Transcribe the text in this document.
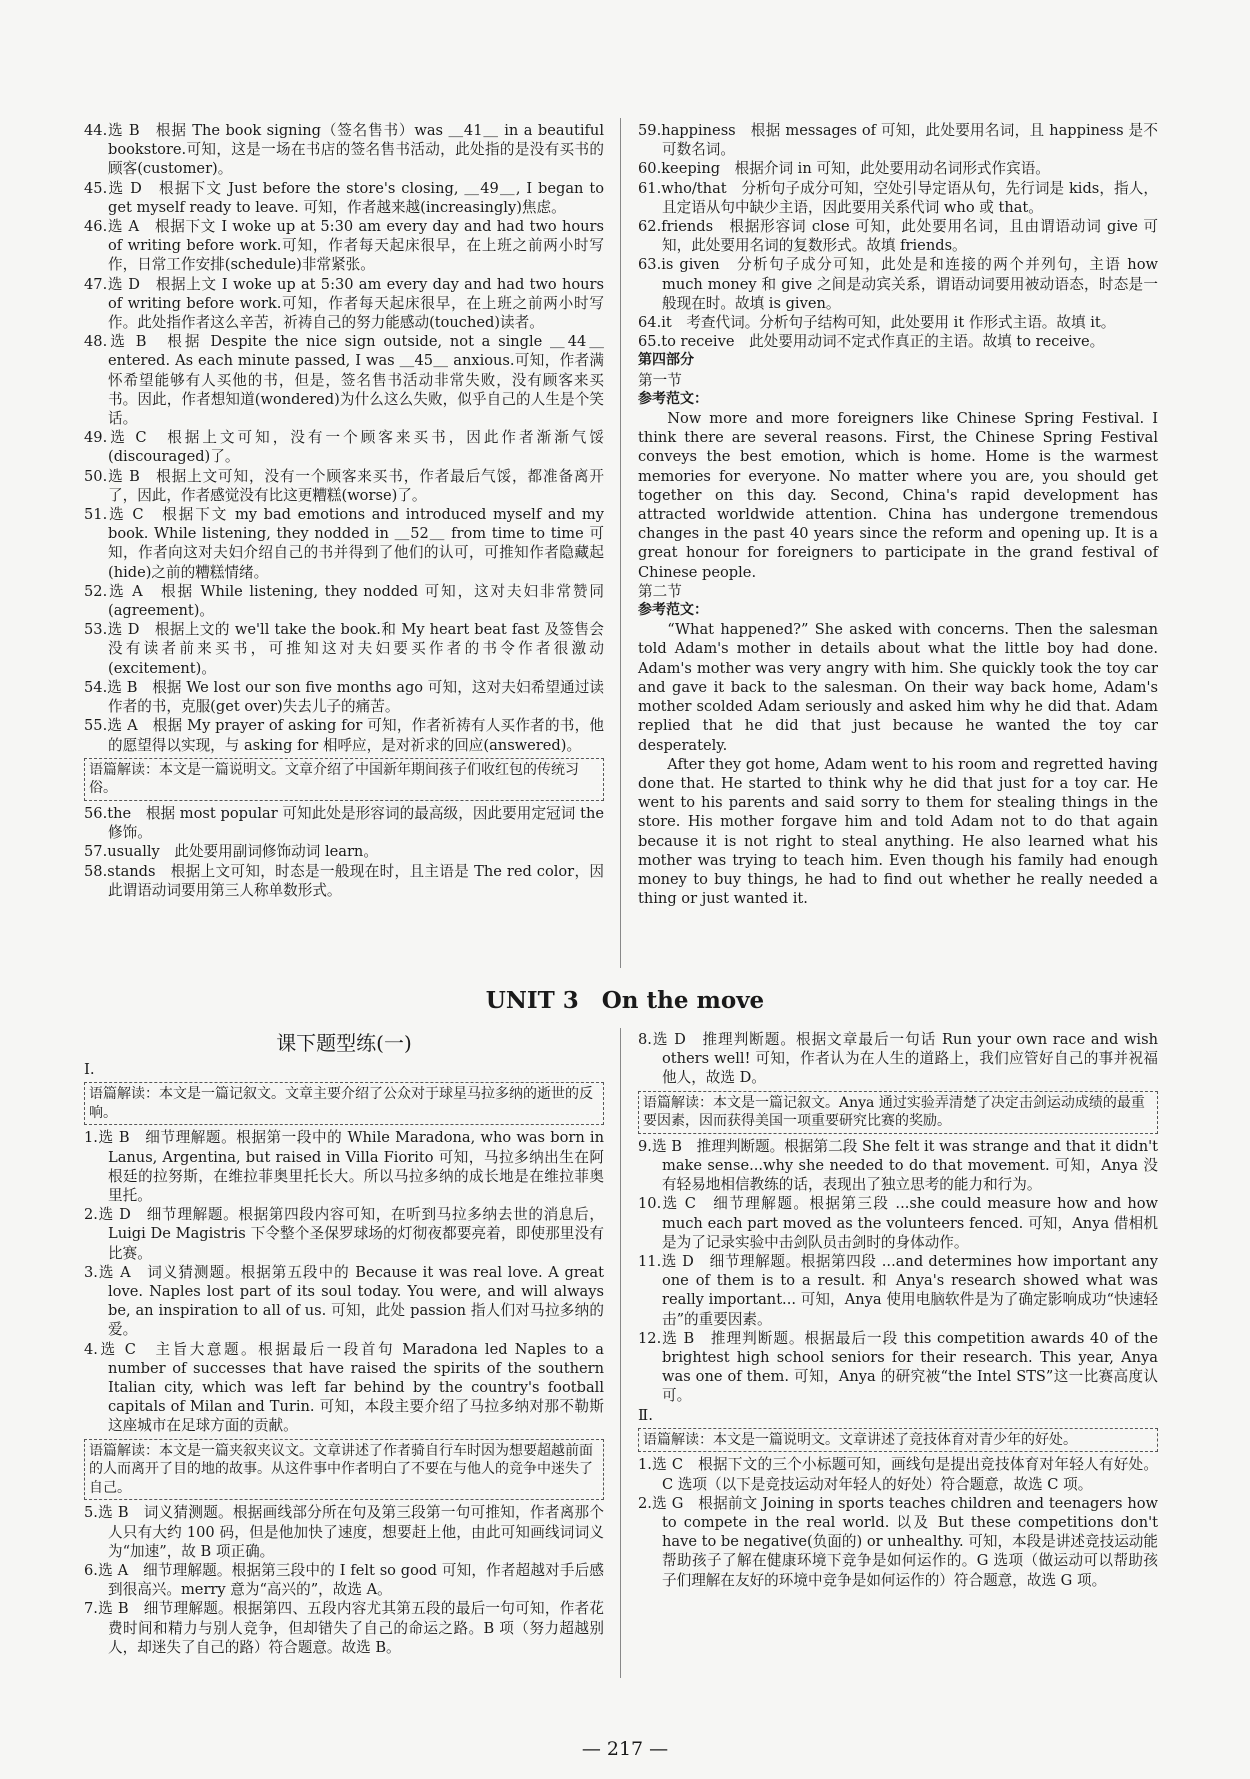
44.选 B　根据 The book signing（签名售书）was ＿41＿ in a beautiful bookstore.可知，这是一场在书店的签名售书活动，此处指的是没有买书的顾客(customer)。

45.选 D　根据下文 Just before the store's closing, ＿49＿, I began to get myself ready to leave. 可知，作者越来越(increasingly)焦虑。

46.选 A　根据下文 I woke up at 5:30 am every day and had two hours of writing before work.可知，作者每天起床很早，在上班之前两小时写作，日常工作安排(schedule)非常紧张。

47.选 D　根据上文 I woke up at 5:30 am every day and had two hours of writing before work.可知，作者每天起床很早，在上班之前两小时写作。此处指作者这么辛苦，祈祷自己的努力能感动(touched)读者。

48.选 B　根据 Despite the nice sign outside, not a single ＿44＿ entered. As each minute passed, I was ＿45＿ anxious.可知，作者满怀希望能够有人买他的书，但是，签名售书活动非常失败，没有顾客来买书。因此，作者想知道(wondered)为什么这么失败，似乎自己的人生是个笑话。

49.选 C　根据上文可知，没有一个顾客来买书，因此作者渐渐气馁(discouraged)了。

50.选 B　根据上文可知，没有一个顾客来买书，作者最后气馁，都准备离开了，因此，作者感觉没有比这更糟糕(worse)了。

51.选 C　根据下文 my bad emotions and introduced myself and my book. While listening, they nodded in ＿52＿ from time to time 可知，作者向这对夫妇介绍自己的书并得到了他们的认可，可推知作者隐藏起(hide)之前的糟糕情绪。

52.选 A　根据 While listening, they nodded 可知，这对夫妇非常赞同(agreement)。

53.选 D　根据上文的 we'll take the book.和 My heart beat fast 及签售会没有读者前来买书，可推知这对夫妇要买作者的书令作者很激动(excitement)。

54.选 B　根据 We lost our son five months ago 可知，这对夫妇希望通过读作者的书，克服(get over)失去儿子的痛苦。

55.选 A　根据 My prayer of asking for 可知，作者祈祷有人买作者的书，他的愿望得以实现，与 asking for 相呼应，是对祈求的回应(answered)。

语篇解读：本文是一篇说明文。文章介绍了中国新年期间孩子们收红包的传统习俗。

56.the　根据 most popular 可知此处是形容词的最高级，因此要用定冠词 the 修饰。

57.usually　此处要用副词修饰动词 learn。

58.stands　根据上文可知，时态是一般现在时，且主语是 The red color，因此谓语动词要用第三人称单数形式。

59.happiness　根据 messages of 可知，此处要用名词，且 happiness 是不可数名词。

60.keeping　根据介词 in 可知，此处要用动名词形式作宾语。

61.who/that　分析句子成分可知，空处引导定语从句，先行词是 kids，指人，且定语从句中缺少主语，因此要用关系代词 who 或 that。

62.friends　根据形容词 close 可知，此处要用名词，且由谓语动词 give 可知，此处要用名词的复数形式。故填 friends。

63.is given　分析句子成分可知，此处是和连接的两个并列句，主语 how much money 和 give 之间是动宾关系，谓语动词要用被动语态，时态是一般现在时。故填 is given。

64.it　考查代词。分析句子结构可知，此处要用 it 作形式主语。故填 it。

65.to receive　此处要用动词不定式作真正的主语。故填 to receive。

第四部分

第一节

参考范文：

Now more and more foreigners like Chinese Spring Festival. I think there are several reasons. First, the Chinese Spring Festival conveys the best emotion, which is home. Home is the warmest memories for everyone. No matter where you are, you should get together on this day. Second, China's rapid development has attracted worldwide attention. China has undergone tremendous changes in the past 40 years since the reform and opening up. It is a great honour for foreigners to participate in the grand festival of Chinese people.

第二节

参考范文：

“What happened?” She asked with concerns. Then the salesman told Adam's mother in details about what the little boy had done. Adam's mother was very angry with him. She quickly took the toy car and gave it back to the salesman. On their way back home, Adam's mother scolded Adam seriously and asked him why he did that. Adam replied that he did that just because he wanted the toy car desperately.

After they got home, Adam went to his room and regretted having done that. He started to think why he did that just for a toy car. He went to his parents and said sorry to them for stealing things in the store. His mother forgave him and told Adam not to do that again because it is not right to steal anything. He also learned what his mother was trying to teach him. Even though his family had enough money to buy things, he had to find out whether he really needed a thing or just wanted it.

UNIT 3　On the move
课下题型练(一)

Ⅰ.

语篇解读：本文是一篇记叙文。文章主要介绍了公众对于球星马拉多纳的逝世的反响。

1.选 B　细节理解题。根据第一段中的 While Maradona, who was born in Lanus, Argentina, but raised in Villa Fiorito 可知，马拉多纳出生在阿根廷的拉努斯，在维拉菲奥里托长大。所以马拉多纳的成长地是在维拉菲奥里托。

2.选 D　细节理解题。根据第四段内容可知，在听到马拉多纳去世的消息后，Luigi De Magistris 下令整个圣保罗球场的灯彻夜都要亮着，即使那里没有比赛。

3.选 A　词义猜测题。根据第五段中的 Because it was real love. A great love. Naples lost part of its soul today. You were, and will always be, an inspiration to all of us. 可知，此处 passion 指人们对马拉多纳的爱。

4.选 C　主旨大意题。根据最后一段首句 Maradona led Naples to a number of successes that have raised the spirits of the southern Italian city, which was left far behind by the country's football capitals of Milan and Turin. 可知，本段主要介绍了马拉多纳对那不勒斯这座城市在足球方面的贡献。

语篇解读：本文是一篇夹叙夹议文。文章讲述了作者骑自行车时因为想要超越前面的人而离开了目的地的故事。从这件事中作者明白了不要在与他人的竞争中迷失了自己。

5.选 B　词义猜测题。根据画线部分所在句及第三段第一句可推知，作者离那个人只有大约 100 码，但是他加快了速度，想要赶上他，由此可知画线词词义为“加速”，故 B 项正确。

6.选 A　细节理解题。根据第三段中的 I felt so good 可知，作者超越对手后感到很高兴。merry 意为“高兴的”，故选 A。

7.选 B　细节理解题。根据第四、五段内容尤其第五段的最后一句可知，作者花费时间和精力与别人竞争，但却错失了自己的命运之路。B 项（努力超越别人，却迷失了自己的路）符合题意。故选 B。

8.选 D　推理判断题。根据文章最后一句话 Run your own race and wish others well! 可知，作者认为在人生的道路上，我们应管好自己的事并祝福他人，故选 D。

语篇解读：本文是一篇记叙文。Anya 通过实验弄清楚了决定击剑运动成绩的最重要因素，因而获得美国一项重要研究比赛的奖励。

9.选 B　推理判断题。根据第二段 She felt it was strange and that it didn't make sense...why she needed to do that movement. 可知，Anya 没有轻易地相信教练的话，表现出了独立思考的能力和行为。

10.选 C　细节理解题。根据第三段 ...she could measure how and how much each part moved as the volunteers fenced. 可知，Anya 借相机是为了记录实验中击剑队员击剑时的身体动作。

11.选 D　细节理解题。根据第四段 ...and determines how important any one of them is to a result. 和 Anya's research showed what was really important... 可知，Anya 使用电脑软件是为了确定影响成功“快速轻击”的重要因素。

12.选 B　推理判断题。根据最后一段 this competition awards 40 of the brightest high school seniors for their research. This year, Anya was one of them. 可知，Anya 的研究被“the Intel STS”这一比赛高度认可。

Ⅱ.

语篇解读：本文是一篇说明文。文章讲述了竞技体育对青少年的好处。

1.选 C　根据下文的三个小标题可知，画线句是提出竞技体育对年轻人有好处。C 选项（以下是竞技运动对年轻人的好处）符合题意，故选 C 项。

2.选 G　根据前文 Joining in sports teaches children and teenagers how to compete in the real world. 以及 But these competitions don't have to be negative(负面的) or unhealthy. 可知，本段是讲述竞技运动能帮助孩子了解在健康环境下竞争是如何运作的。G 选项（做运动可以帮助孩子们理解在友好的环境中竞争是如何运作的）符合题意，故选 G 项。

— 217 —
